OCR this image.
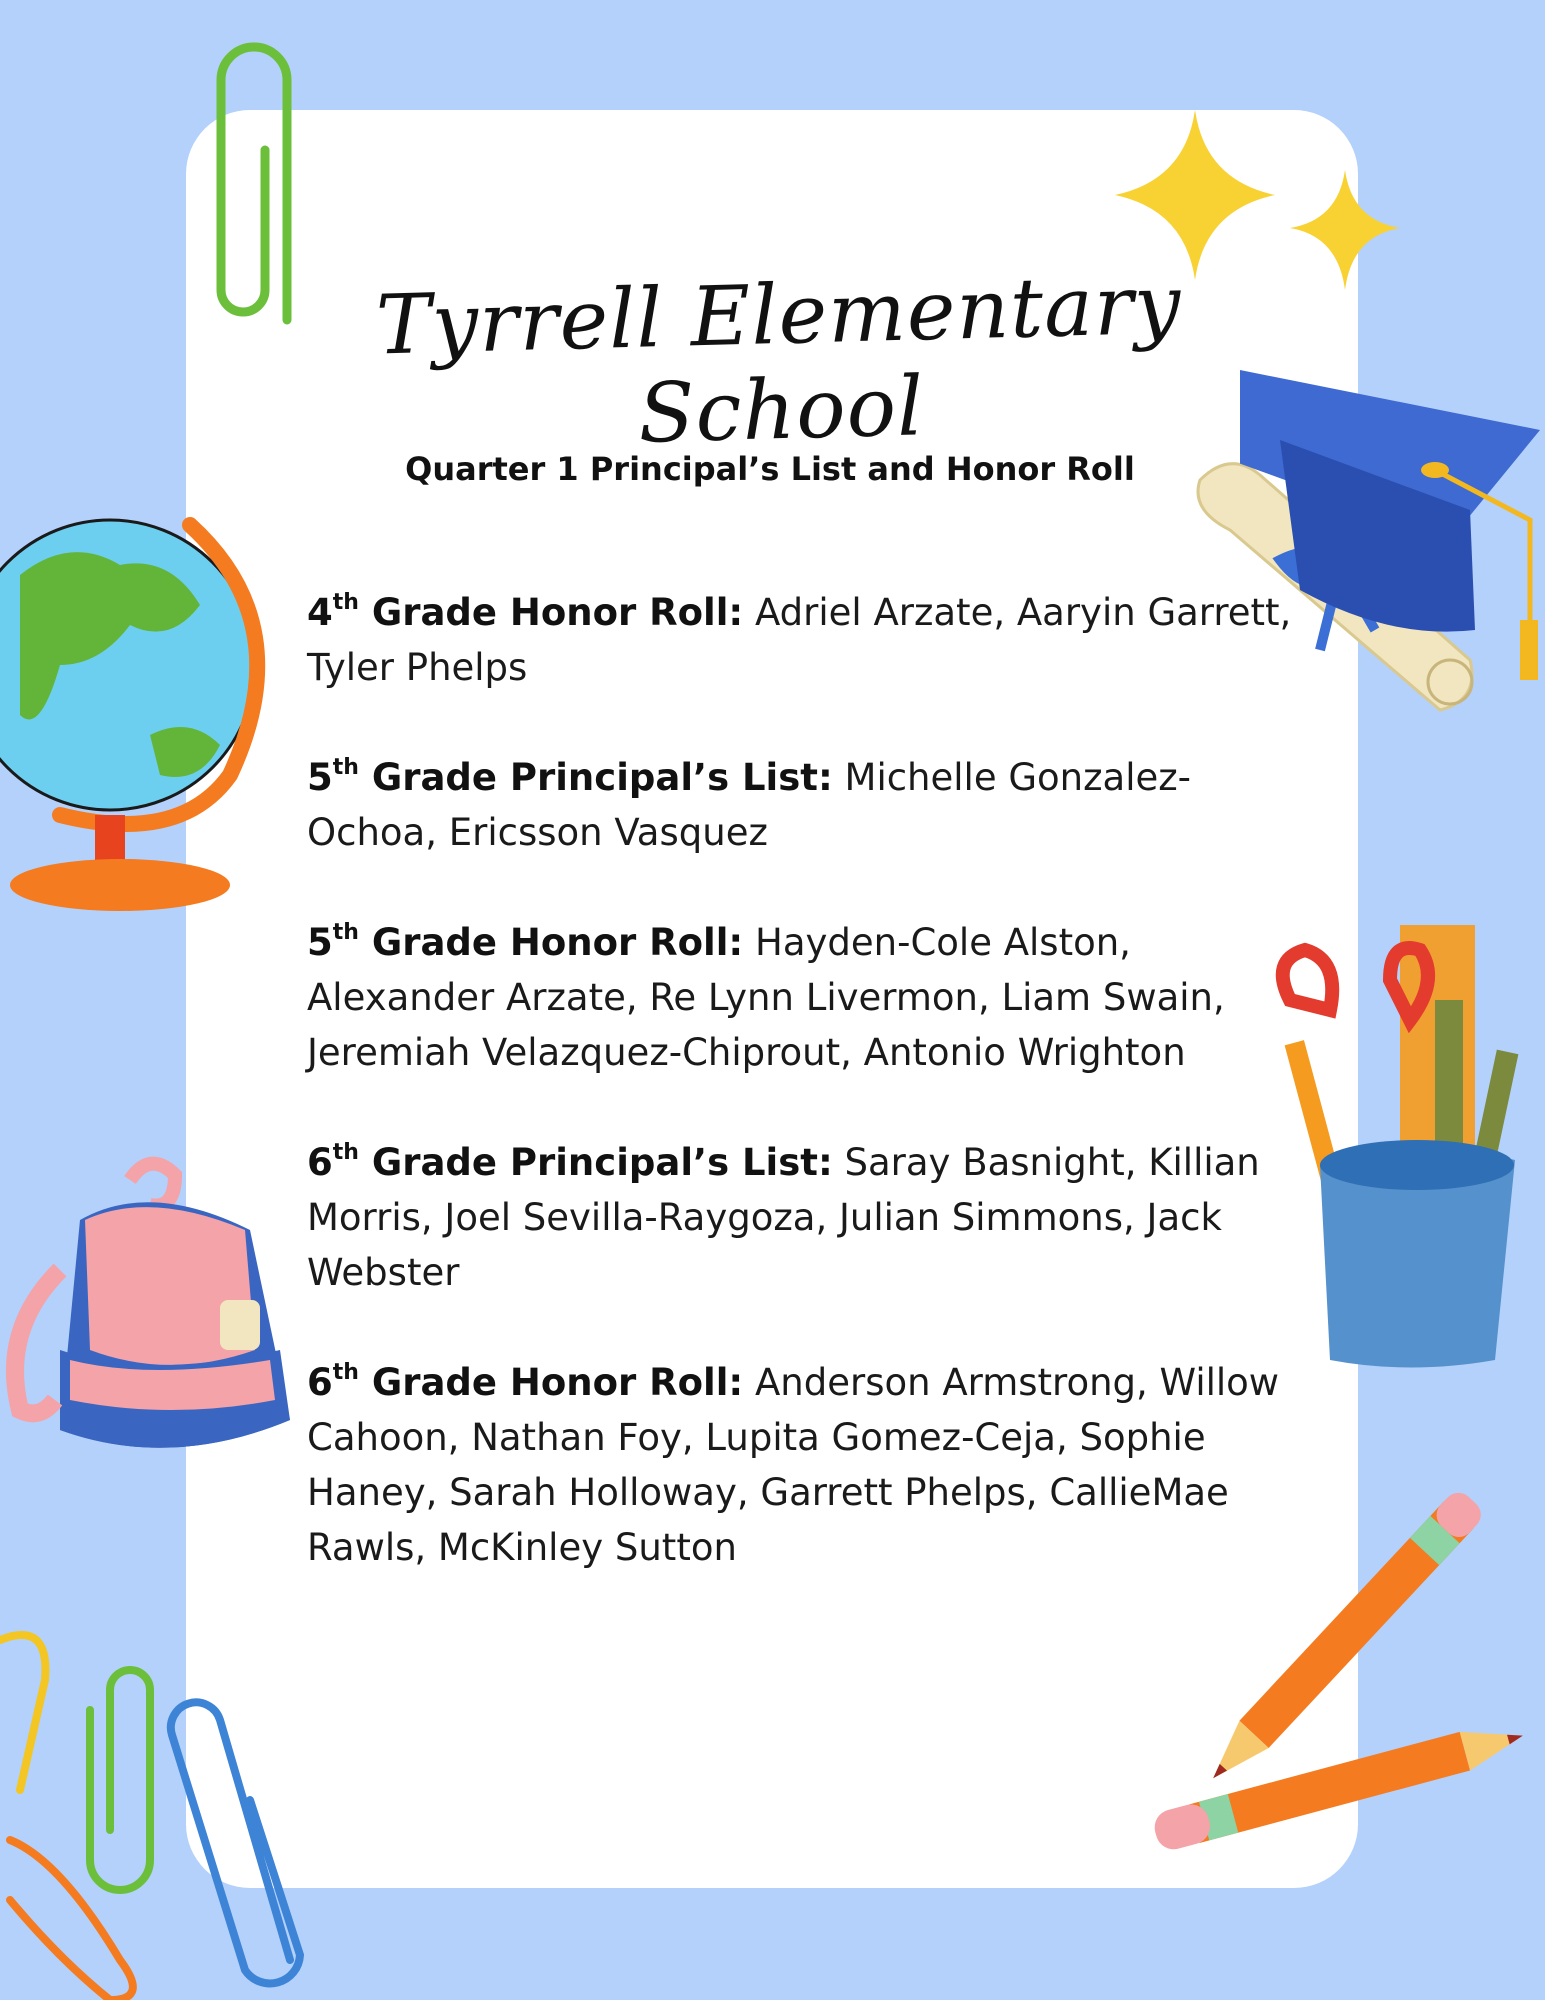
Tyrrell Elementary School
Quarter 1 Principal’s List and Honor Roll

4th Grade Honor Roll: Adriel Arzate, Aaryin Garrett, Tyler Phelps

5th Grade Principal’s List: Michelle Gonzalez-Ochoa, Ericsson Vasquez

5th Grade Honor Roll: Hayden-Cole Alston, Alexander Arzate, Re Lynn Livermon, Liam Swain, Jeremiah Velazquez-Chiprout, Antonio Wrighton

6th Grade Principal’s List: Saray Basnight, Killian Morris, Joel Sevilla-Raygoza, Julian Simmons, Jack Webster

6th Grade Honor Roll: Anderson Armstrong, Willow Cahoon, Nathan Foy, Lupita Gomez-Ceja, Sophie Haney, Sarah Holloway, Garrett Phelps, CallieMae Rawls, McKinley Sutton
